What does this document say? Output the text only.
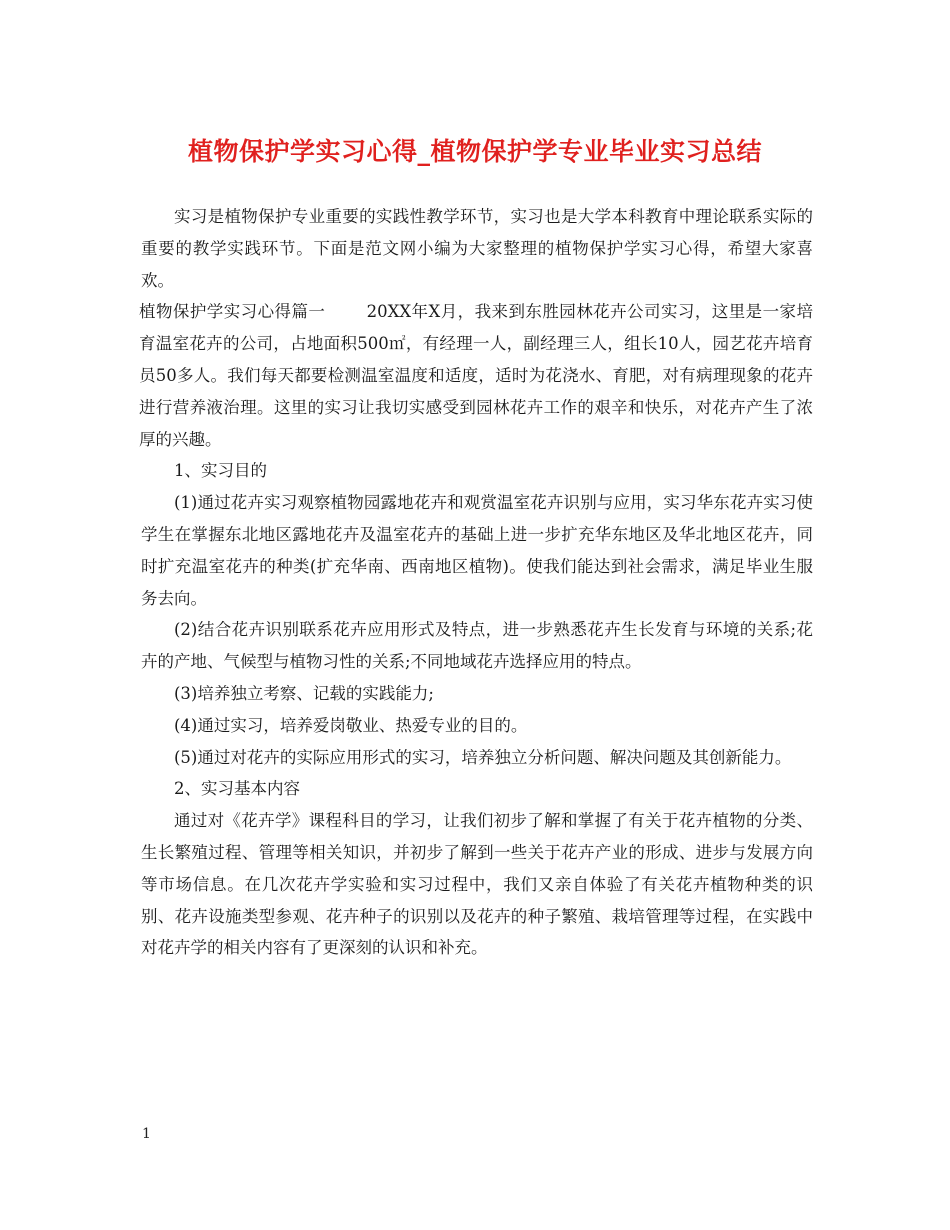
植物保护学实习心得_植物保护学专业毕业实习总结

实习是植物保护专业重要的实践性教学环节，实习也是大学本科教育中理论联系实际的重要的教学实践环节。下面是范文网小编为大家整理的植物保护学实习心得，希望大家喜欢。

植物保护学实习心得篇一	20XX年X月，我来到东胜园林花卉公司实习，这里是一家培育温室花卉的公司，占地面积500㎡，有经理一人，副经理三人，组长10人，园艺花卉培育员50多人。我们每天都要检测温室温度和适度，适时为花浇水、育肥，对有病理现象的花卉进行营养液治理。这里的实习让我切实感受到园林花卉工作的艰辛和快乐，对花卉产生了浓厚的兴趣。

1、实习目的

(1)通过花卉实习观察植物园露地花卉和观赏温室花卉识别与应用，实习华东花卉实习使学生在掌握东北地区露地花卉及温室花卉的基础上进一步扩充华东地区及华北地区花卉，同时扩充温室花卉的种类(扩充华南、西南地区植物)。使我们能达到社会需求，满足毕业生服务去向。

(2)结合花卉识别联系花卉应用形式及特点，进一步熟悉花卉生长发育与环境的关系;花卉的产地、气候型与植物习性的关系;不同地域花卉选择应用的特点。

(3)培养独立考察、记载的实践能力;

(4)通过实习，培养爱岗敬业、热爱专业的目的。

(5)通过对花卉的实际应用形式的实习，培养独立分析问题、解决问题及其创新能力。

2、实习基本内容

通过对《花卉学》课程科目的学习，让我们初步了解和掌握了有关于花卉植物的分类、生长繁殖过程、管理等相关知识，并初步了解到一些关于花卉产业的形成、进步与发展方向等市场信息。在几次花卉学实验和实习过程中，我们又亲自体验了有关花卉植物种类的识别、花卉设施类型参观、花卉种子的识别以及花卉的种子繁殖、栽培管理等过程，在实践中对花卉学的相关内容有了更深刻的认识和补充。

1
